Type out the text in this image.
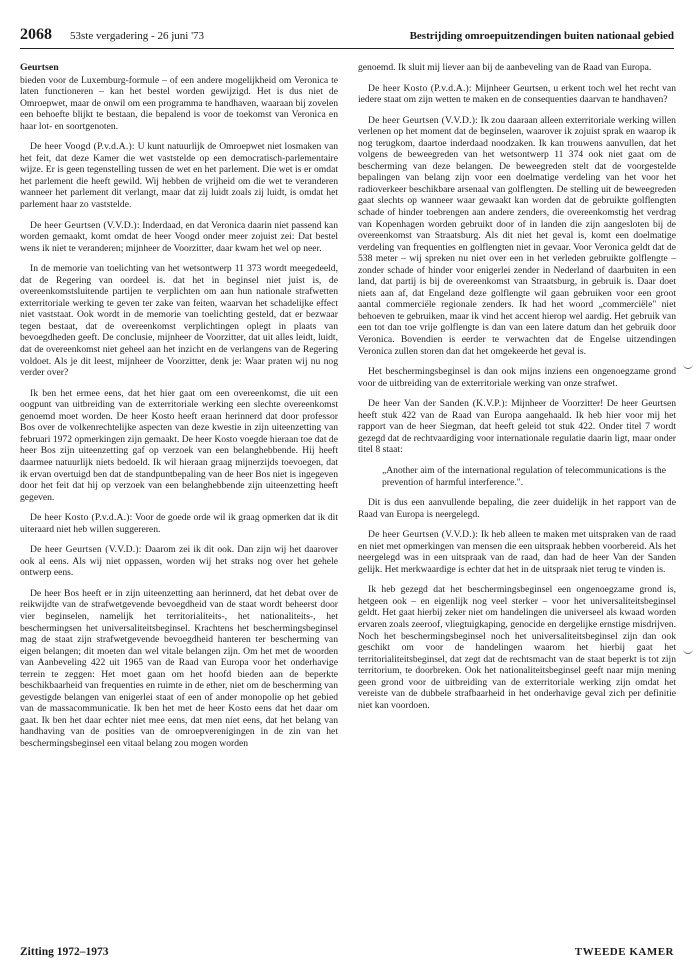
2068 53ste vergadering - 26 juni '73	Bestrijding omroepuitzendingen buiten nationaal gebied
Geurtsen

bieden voor de Luxemburg-formule – of een andere mogelijkheid om Veronica te laten functioneren – kan het bestel worden gewijzigd. Het is dus niet de Omroepwet, maar de onwil om een programma te handhaven, waaraan bij zovelen een behoefte blijkt te bestaan, die bepalend is voor de toekomst van Veronica en haar lot- en soortgenoten.

De heer Voogd (P.v.d.A.): U kunt natuurlijk de Omroepwet niet losmaken van het feit, dat deze Kamer die wet vaststelde op een democratisch-parlementaire wijze. Er is geen tegenstelling tussen de wet en het parlement. Die wet is er omdat het parlement die heeft gewild. Wij hebben de vrijheid om die wet te veranderen wanneer het parlement dit verlangt, maar dat zij luidt zoals zij luidt, is omdat het parlement haar zo vaststelde.

De heer Geurtsen (V.V.D.): Inderdaad, en dat Veronica daarin niet passend kan worden gemaakt, komt omdat de heer Voogd onder meer zojuist zei: Dat bestel wens ik niet te veranderen; mijnheer de Voorzitter, daar kwam het wel op neer.

In de memorie van toelichting van het wetsontwerp 11 373 wordt meegedeeld, dat de Regering van oordeel is. dat het in beginsel niet juist is, de overeenkomstsluitende partijen te verplichten om aan hun nationale strafwetten exterritoriale werking te geven ter zake van feiten, waarvan het schadelijke effect niet vaststaat. Ook wordt in de memorie van toelichting gesteld, dat er bezwaar tegen bestaat, dat de overeenkomst verplichtingen oplegt in plaats van bevoegdheden geeft. De conclusie, mijnheer de Voorzitter, dat uit alles leidt, luidt, dat de overeenkomst niet geheel aan het inzicht en de verlangens van de Regering voldoet. Als je dit leest, mijnheer de Voorzitter, denk je: Waar praten wij nu nog verder over?

Ik ben het ermee eens, dat het hier gaat om een overeenkomst, die uit een oogpunt van uitbreiding van de exterritoriale werking een slechte overeenkomst genoemd moet worden. De heer Kosto heeft eraan herinnerd dat door professor Bos over de volkenrechtelijke aspecten van deze kwestie in zijn uiteenzetting van februari 1972 opmerkingen zijn gemaakt. De heer Kosto voegde hieraan toe dat de heer Bos zijn uiteenzetting gaf op verzoek van een belanghebbende. Hij heeft daarmee natuurlijk niets bedoeld. Ik wil hieraan graag mijnerzijds toevoegen, dat ik ervan overtuigd ben dat de standpuntbepaling van de heer Bos niet is ingegeven door het feit dat hij op verzoek van een belanghebbende zijn uiteenzetting heeft gegeven.

De heer Kosto (P.v.d.A.): Voor de goede orde wil ik graag opmerken dat ik dit uiteraard niet heb willen suggereren.

De heer Geurtsen (V.V.D.): Daarom zei ik dit ook. Dan zijn wij het daarover ook al eens. Als wij niet oppassen, worden wij het straks nog over het gehele ontwerp eens.

De heer Bos heeft er in zijn uiteenzetting aan herinnerd, dat het debat over de reikwijdte van de strafwetgevende bevoegdheid van de staat wordt beheerst door vier beginselen, namelijk het territorialiteits-, het nationaliteits-, het beschermingsen het universaliteitsbeginsel. Krachtens het beschermingsbeginsel mag de staat zijn strafwetgevende bevoegdheid hanteren ter bescherming van eigen belangen; dit moeten dan wel vitale belangen zijn. Om het met de woorden van Aanbeveling 422 uit 1965 van de Raad van Europa voor het onderhavige terrein te zeggen: Het moet gaan om het hoofd bieden aan de beperkte beschikbaarheid van frequenties en ruimte in de ether, niet om de bescherming van gevestigde belangen van enigerlei staat of een of ander monopolie op het gebied van de massacommunicatie. Ik ben het met de heer Kosto eens dat het daar om gaat. Ik ben het daar echter niet mee eens, dat men niet eens, dat het belang van handhaving van de posities van de omroepverenigingen in de zin van het beschermingsbeginsel een vitaal belang zou mogen worden

genoemd. Ik sluit mij liever aan bij de aanbeveling van de Raad van Europa.

De heer Kosto (P.v.d.A.): Mijnheer Geurtsen, u erkent toch wel het recht van iedere staat om zijn wetten te maken en de consequenties daarvan te handhaven?

De heer Geurtsen (V.V.D.): Ik zou daaraan alleen exterritoriale werking willen verlenen op het moment dat de beginselen, waarover ik zojuist sprak en waarop ik nog terugkom, daartoe inderdaad noodzaken. Ik kan trouwens aanvullen, dat het volgens de beweegreden van het wetsontwerp 11 374 ook niet gaat om de bescherming van deze belangen. De beweegreden stelt dat de voorgestelde bepalingen van belang zijn voor een doelmatige verdeling van het voor het radioverkeer beschikbare arsenaal van golflengten. De stelling uit de beweegreden gaat slechts op wanneer waar gewaakt kan worden dat de gebruikte golflengten schade of hinder toebrengen aan andere zenders, die overeenkomstig het verdrag van Kopenhagen worden gebruikt door of in landen die zijn aangesloten bij de overeenkomst van Straatsburg. Als dit niet het geval is, komt een doelmatige verdeling van frequenties en golflengten niet in gevaar. Voor Veronica geldt dat de 538 meter – wij spreken nu niet over een in het verleden gebruikte golflengte – zonder schade of hinder voor enigerlei zender in Nederland of daarbuiten in een land, dat partij is bij de overeenkomst van Straatsburg, in gebruik is. Daar doet niets aan af, dat Engeland deze golflengte wil gaan gebruiken voor een groot aantal commerciële regionale zenders. Ik had het woord „commerciële" niet behoeven te gebruiken, maar ik vind het accent hierop wel aardig. Het gebruik van een tot dan toe vrije golflengte is dan van een latere datum dan het gebruik door Veronica. Bovendien is eerder te verwachten dat de Engelse uitzendingen Veronica zullen storen dan dat het omgekeerde het geval is.

Het beschermingsbeginsel is dan ook mijns inziens een ongenoegzame grond voor de uitbreiding van de exterritoriale werking van onze strafwet.

De heer Van der Sanden (K.V.P.): Mijnheer de Voorzitter! De heer Geurtsen heeft stuk 422 van de Raad van Europa aangehaald. Ik heb hier voor mij het rapport van de heer Siegman, dat heeft geleid tot stuk 422. Onder titel 7 wordt gezegd dat de rechtvaardiging voor internationale regulatie daarin ligt, maar onder titel 8 staat:

„Another aim of the international regulation of telecommunications is the prevention of harmful interference.".

Dit is dus een aanvullende bepaling, die zeer duidelijk in het rapport van de Raad van Europa is neergelegd.

De heer Geurtsen (V.V.D.): Ik heb alleen te maken met uitspraken van de raad en niet met opmerkingen van mensen die een uitspraak hebben voorbereid. Als het neergelegd was in een uitspraak van de raad, dan had de heer Van der Sanden gelijk. Het merkwaardige is echter dat het in de uitspraak niet terug te vinden is.

Ik heb gezegd dat het beschermingsbeginsel een ongenoegzame grond is, hetgeen ook – en eigenlijk nog veel sterker – voor het universaliteitsbeginsel geldt. Het gaat hierbij zeker niet om handelingen die universeel als kwaad worden ervaren zoals zeeroof, vliegtuigkaping, genocide en dergelijke ernstige misdrijven. Noch het beschermingsbeginsel noch het universaliteitsbeginsel zijn dan ook geschikt om voor de handelingen waarom het hierbij gaat het territorialiteitsbeginsel, dat zegt dat de rechtsmacht van de staat beperkt is tot zijn territorium, te doorbreken. Ook het nationaliteitsbeginsel geeft naar mijn mening geen grond voor de uitbreiding van de exterritoriale werking zijn omdat het vereiste van de dubbele strafbaarheid in het onderhavige geval zich per definitie niet kan voordoen.

Zitting 1972–1973	TWEEDE KAMER
